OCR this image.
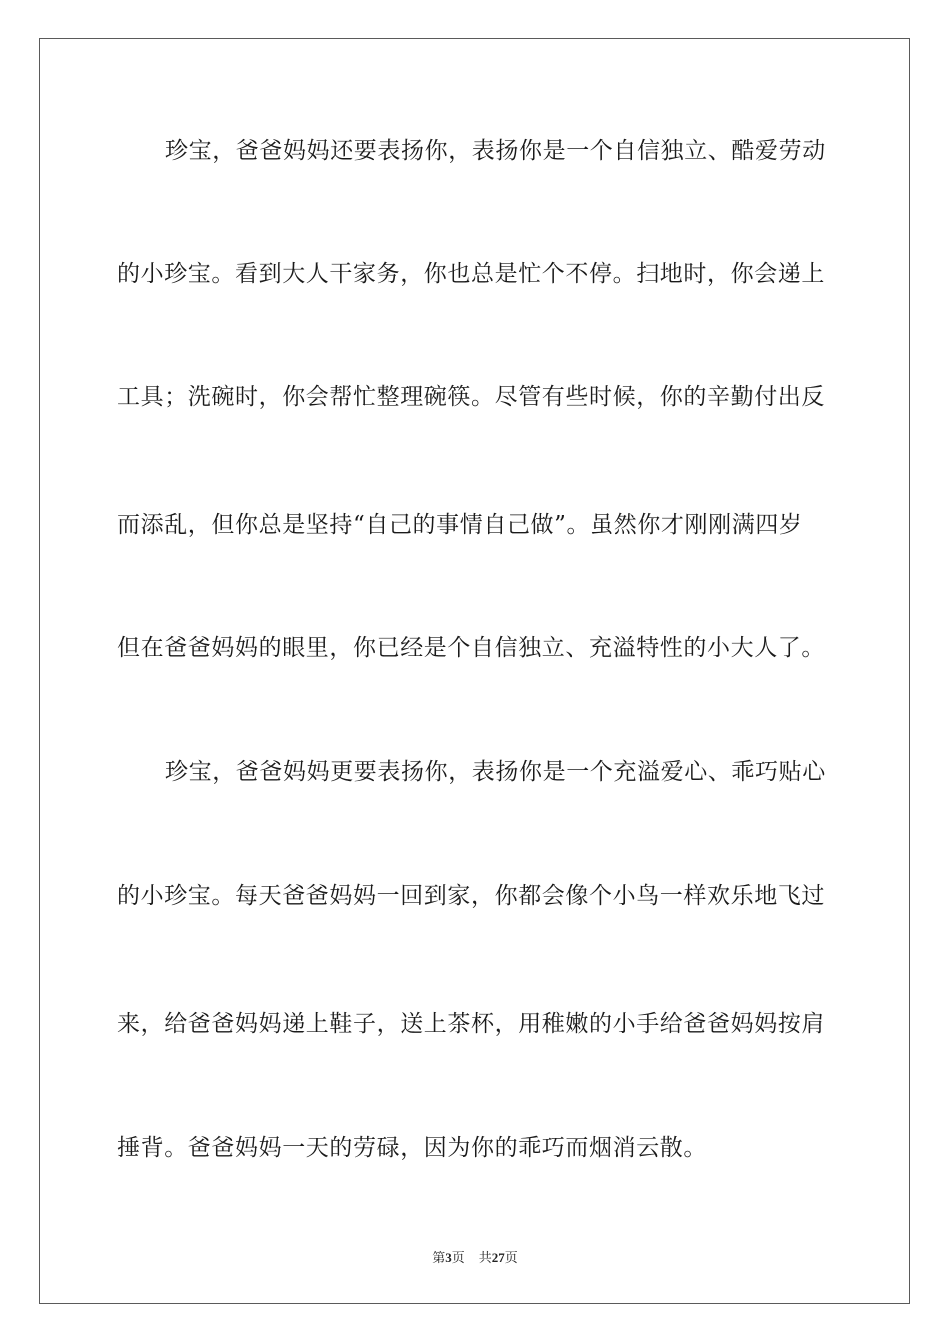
珍宝，爸爸妈妈还要表扬你，表扬你是一个自信独立、酷爱劳动
的小珍宝。看到大人干家务，你也总是忙个不停。扫地时，你会递上
工具；洗碗时，你会帮忙整理碗筷。尽管有些时候，你的辛勤付出反
而添乱，但你总是坚持“自己的事情自己做”。虽然你才刚刚满四岁
但在爸爸妈妈的眼里，你已经是个自信独立、充溢特性的小大人了。
珍宝，爸爸妈妈更要表扬你，表扬你是一个充溢爱心、乖巧贴心
的小珍宝。每天爸爸妈妈一回到家，你都会像个小鸟一样欢乐地飞过
来，给爸爸妈妈递上鞋子，送上茶杯，用稚嫩的小手给爸爸妈妈按肩
捶背。爸爸妈妈一天的劳碌，因为你的乖巧而烟消云散。
第3页 共27页
